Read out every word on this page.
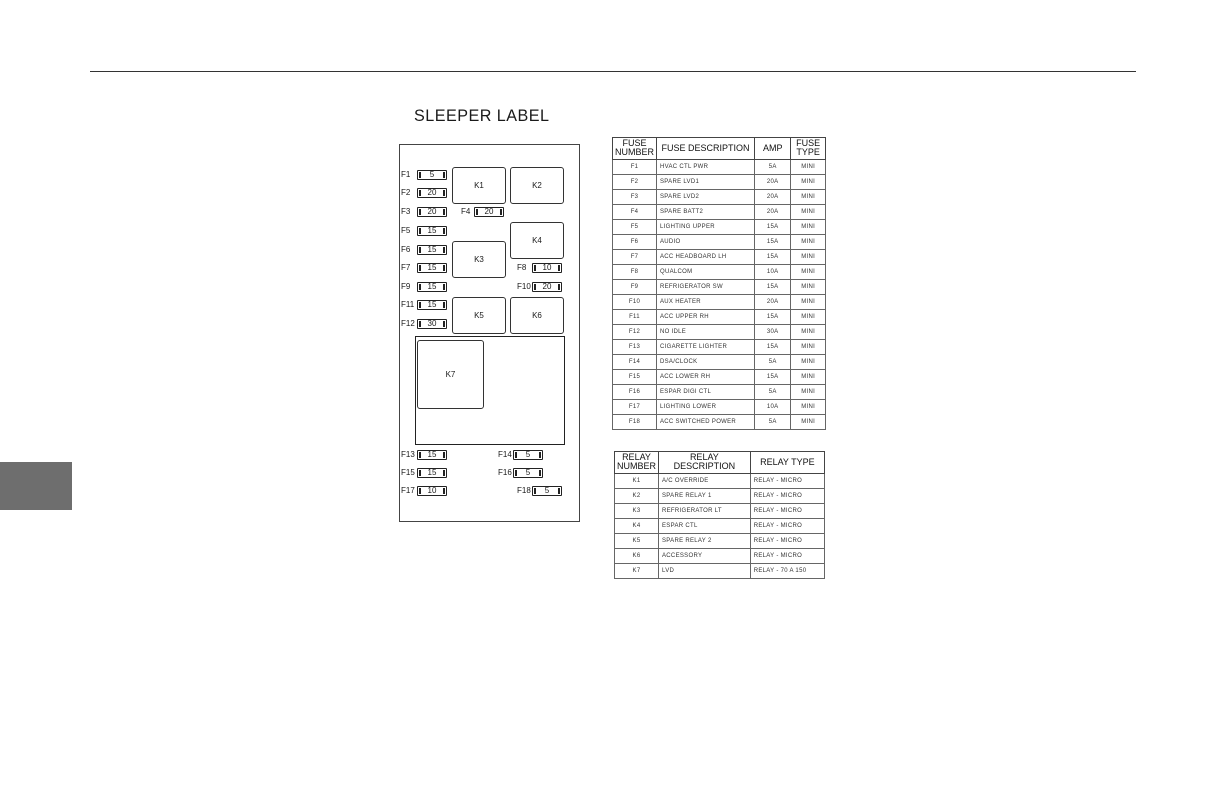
SLEEPER LABEL
F1	5
F2	20
F3	20	F4	20
F5	15
F6	15
F7	15	F8	10
F9	15	F10	20
F11	15
F12	30
F13	15	F14	5
F15	15	F16	5
F17	10	F18	5
K1	K2
K3
K4
K5	K6
K7
FUSE NUMBER	FUSE DESCRIPTION	AMP	FUSE TYPE
F1	HVAC CTL PWR	5A	MINI
F2	SPARE LVD1	20A	MINI
F3	SPARE LVD2	20A	MINI
F4	SPARE BATT2	20A	MINI
F5	LIGHTING UPPER	15A	MINI
F6	AUDIO	15A	MINI
F7	ACC HEADBOARD LH	15A	MINI
F8	QUALCOM	10A	MINI
F9	REFRIGERATOR SW	15A	MINI
F10	AUX HEATER	20A	MINI
F11	ACC UPPER RH	15A	MINI
F12	NO IDLE	30A	MINI
F13	CIGARETTE LIGHTER	15A	MINI
F14	DSA/CLOCK	5A	MINI
F15	ACC LOWER RH	15A	MINI
F16	ESPAR DIGI CTL	5A	MINI
F17	LIGHTING LOWER	10A	MINI
F18	ACC SWITCHED POWER	5A	MINI
RELAY NUMBER	RELAY DESCRIPTION	RELAY TYPE
K1	A/C OVERRIDE	RELAY - MICRO
K2	SPARE RELAY 1	RELAY - MICRO
K3	REFRIGERATOR LT	RELAY - MICRO
K4	ESPAR CTL	RELAY - MICRO
K5	SPARE RELAY 2	RELAY - MICRO
K6	ACCESSORY	RELAY - MICRO
K7	LVD	RELAY - 70 A 150
